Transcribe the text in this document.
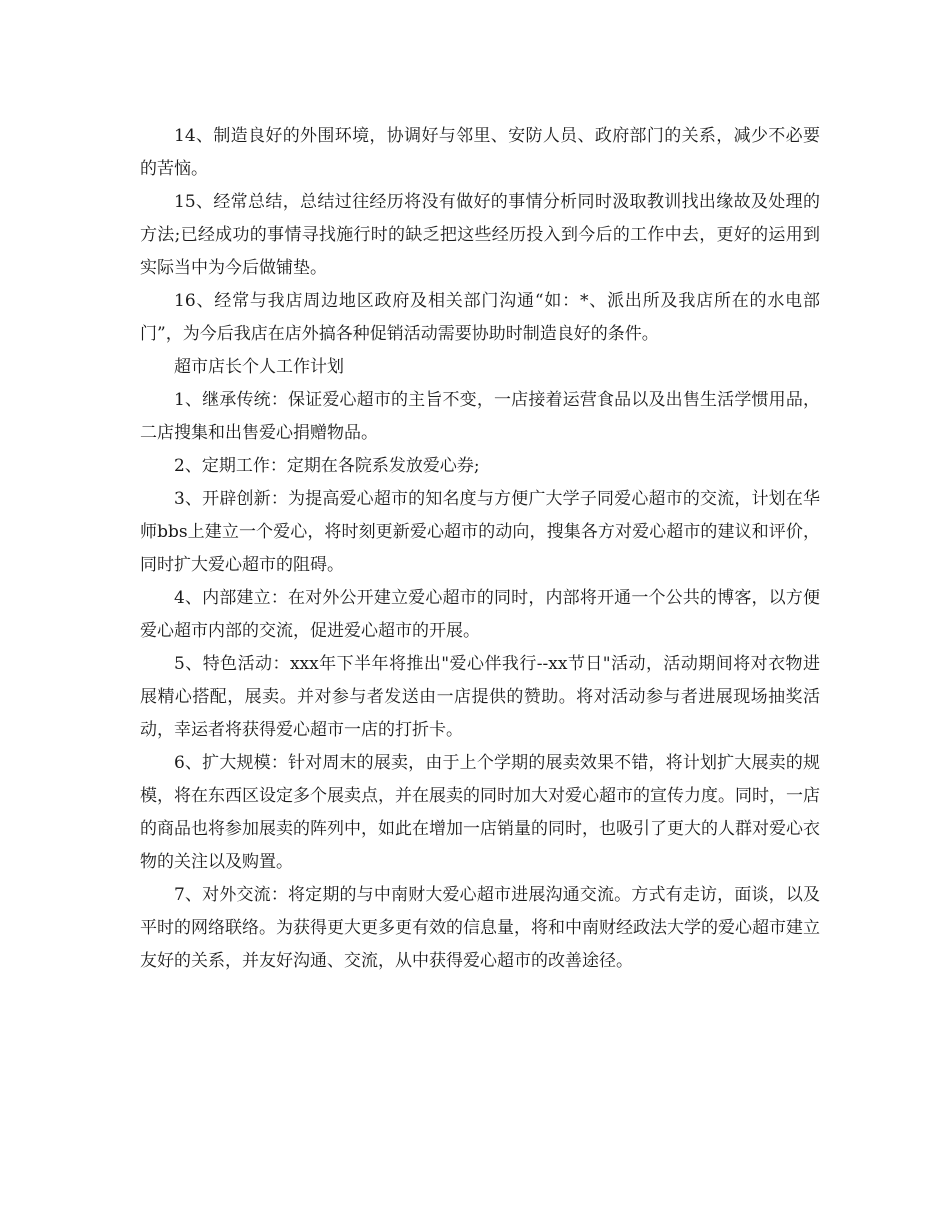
14、制造良好的外围环境，协调好与邻里、安防人员、政府部门的关系，减少不必要的苦恼。

15、经常总结，总结过往经历将没有做好的事情分析同时汲取教训找出缘故及处理的方法;已经成功的事情寻找施行时的缺乏把这些经历投入到今后的工作中去，更好的运用到实际当中为今后做铺垫。

16、经常与我店周边地区政府及相关部门沟通“如：*、派出所及我店所在的水电部门”，为今后我店在店外搞各种促销活动需要协助时制造良好的条件。

超市店长个人工作计划

1、继承传统：保证爱心超市的主旨不变，一店接着运营食品以及出售生活学惯用品，二店搜集和出售爱心捐赠物品。

2、定期工作：定期在各院系发放爱心券;

3、开辟创新：为提高爱心超市的知名度与方便广大学子同爱心超市的交流，计划在华师bbs上建立一个爱心，将时刻更新爱心超市的动向，搜集各方对爱心超市的建议和评价，同时扩大爱心超市的阻碍。

4、内部建立：在对外公开建立爱心超市的同时，内部将开通一个公共的博客，以方便爱心超市内部的交流，促进爱心超市的开展。

5、特色活动：xxx年下半年将推出"爱心伴我行--xx节日"活动，活动期间将对衣物进展精心搭配，展卖。并对参与者发送由一店提供的赞助。将对活动参与者进展现场抽奖活动，幸运者将获得爱心超市一店的打折卡。

6、扩大规模：针对周末的展卖，由于上个学期的展卖效果不错，将计划扩大展卖的规模，将在东西区设定多个展卖点，并在展卖的同时加大对爱心超市的宣传力度。同时，一店的商品也将参加展卖的阵列中，如此在增加一店销量的同时，也吸引了更大的人群对爱心衣物的关注以及购置。

7、对外交流：将定期的与中南财大爱心超市进展沟通交流。方式有走访，面谈，以及平时的网络联络。为获得更大更多更有效的信息量，将和中南财经政法大学的爱心超市建立友好的关系，并友好沟通、交流，从中获得爱心超市的改善途径。
